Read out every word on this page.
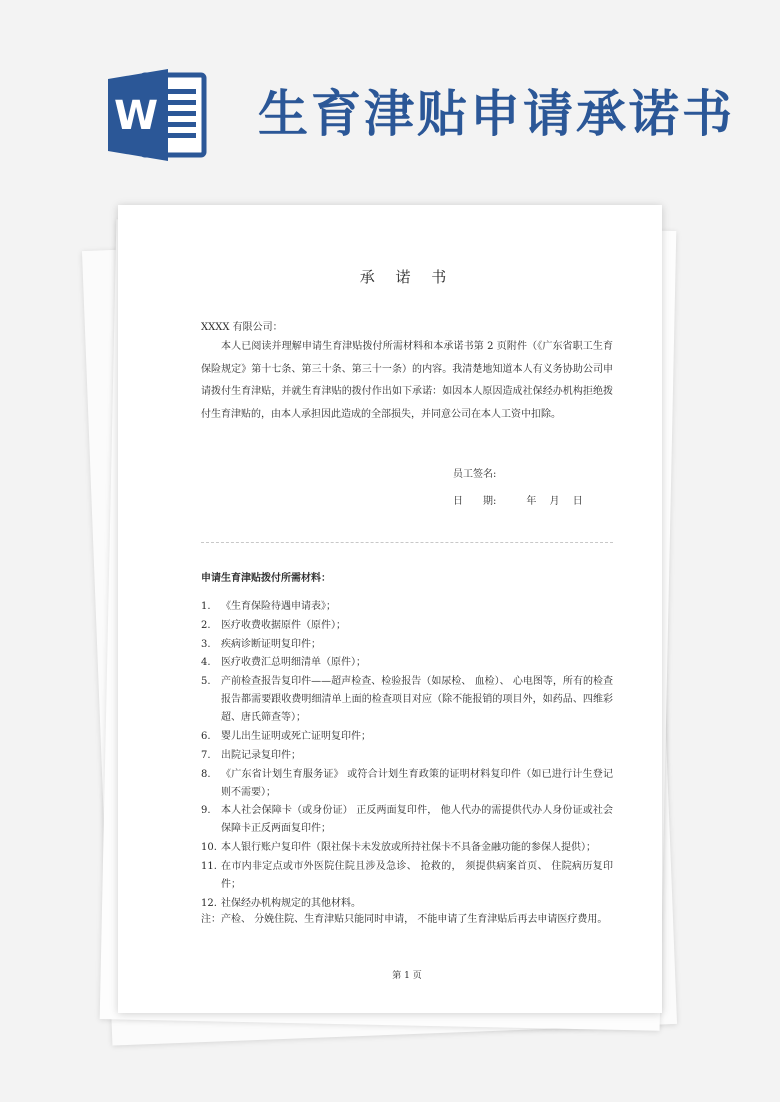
W 生育津贴申请承诺书
承 诺 书
XXXX 有限公司：
本人已阅读并理解申请生育津贴拨付所需材料和本承诺书第 2 页附件（《广东省职工生育保险规定》第十七条、第三十条、第三十一条）的内容。我清楚地知道本人有义务协助公司申请拨付生育津贴，并就生育津贴的拨付作出如下承诺：如因本人原因造成社保经办机构拒绝拨付生育津贴的，由本人承担因此造成的全部损失，并同意公司在本人工资中扣除。
员工签名:
日　　期:　　　年　 月　 日
申请生育津贴拨付所需材料：
1.	《生育保险待遇申请表》；
2.	医疗收费收据原件（原件）；
3.	疾病诊断证明复印件；
4.	医疗收费汇总明细清单（原件）；
5.	产前检查报告复印件——超声检查、检验报告（如尿检、 血检）、 心电图等，所有的检查报告都需要跟收费明细清单上面的检查项目对应（除不能报销的项目外，如药品、四维彩超、唐氏筛查等）；
6.	婴儿出生证明或死亡证明复印件；
7.	出院记录复印件；
8.	《广东省计划生育服务证》 或符合计划生育政策的证明材料复印件（如已进行计生登记则不需要）；
9.	本人社会保障卡（或身份证） 正反两面复印件， 他人代办的需提供代办人身份证或社会保障卡正反两面复印件；
10. 本人银行账户复印件（限社保卡未发放或所持社保卡不具备金融功能的参保人提供）；
11. 在市内非定点或市外医院住院且涉及急诊、 抢救的， 须提供病案首页、 住院病历复印件；
12. 社保经办机构规定的其他材料。
注：产检、 分娩住院、生育津贴只能同时申请， 不能申请了生育津贴后再去申请医疗费用。
第 1 页
